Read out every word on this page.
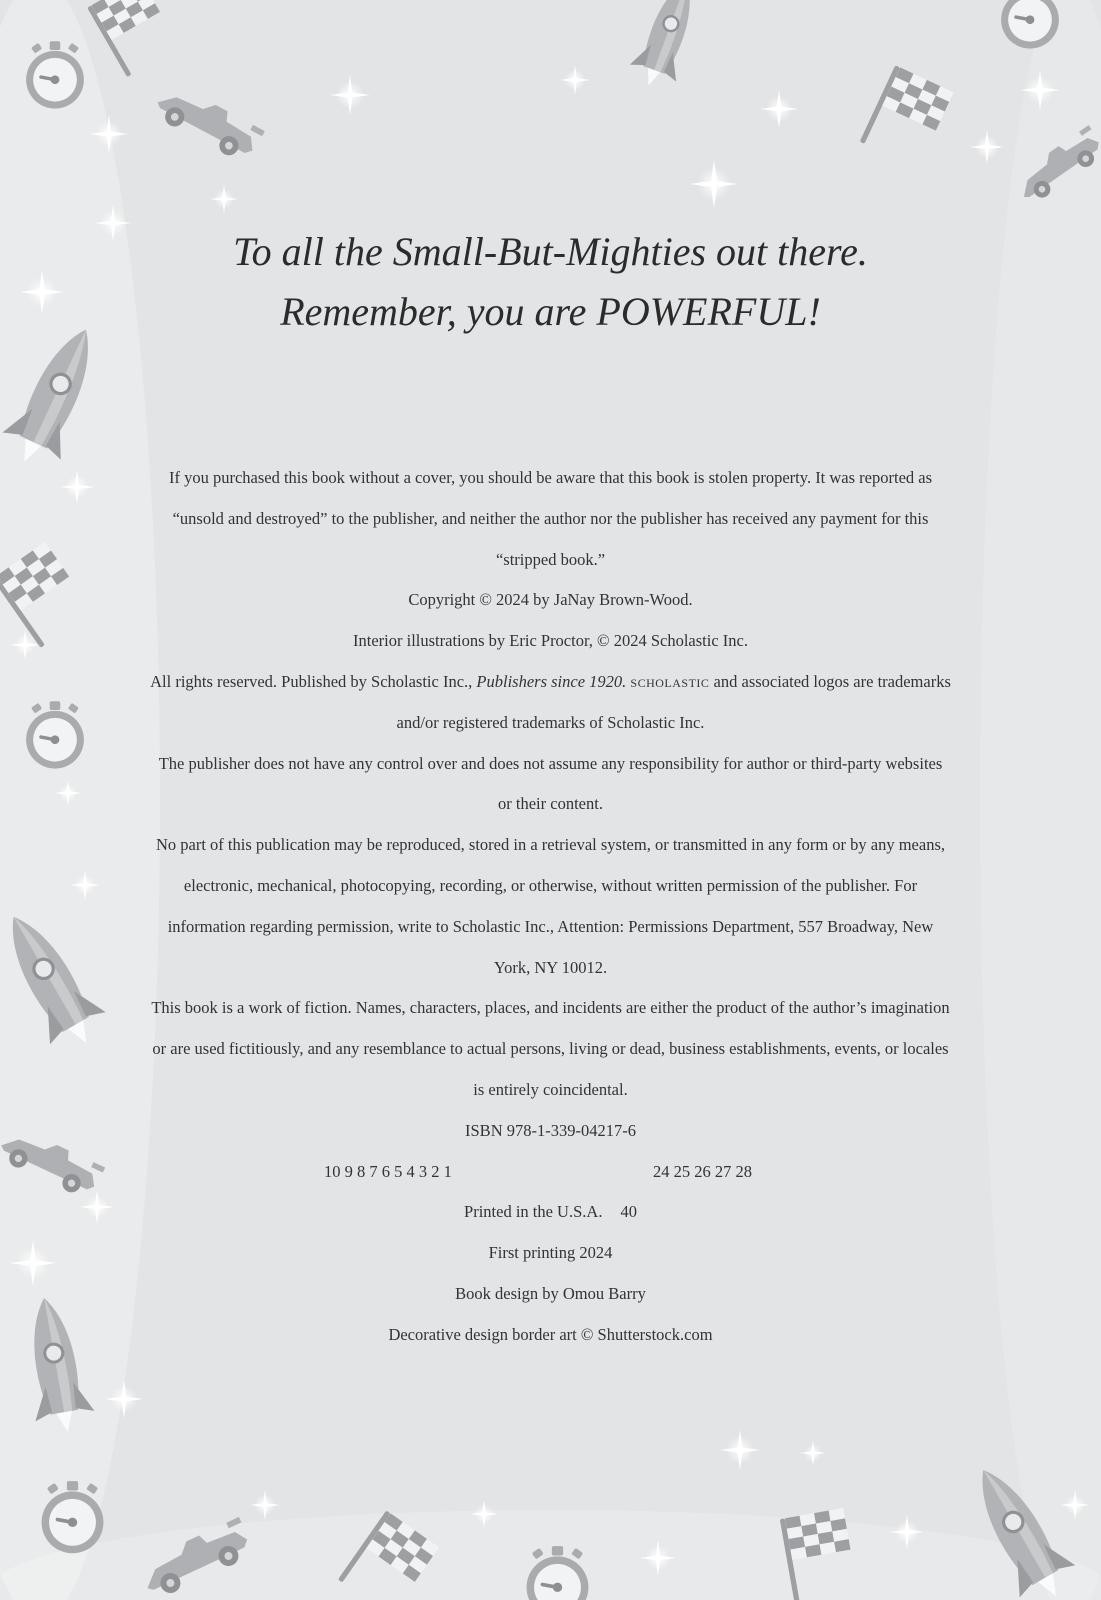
To all the Small-But-Mighties out there.
Remember, you are POWERFUL!

If you purchased this book without a cover, you should be aware that this book is stolen property. It was reported as “unsold and destroyed” to the publisher, and neither the author nor the publisher has received any payment for this “stripped book.”

Copyright © 2024 by JaNay Brown-Wood.

Interior illustrations by Eric Proctor, © 2024 Scholastic Inc.

All rights reserved. Published by Scholastic Inc., Publishers since 1920. scholastic and associated logos are trademarks and/or registered trademarks of Scholastic Inc.

The publisher does not have any control over and does not assume any responsibility for author or third-party websites or their content.

No part of this publication may be reproduced, stored in a retrieval system, or transmitted in any form or by any means, electronic, mechanical, photocopying, recording, or otherwise, without written permission of the publisher. For information regarding permission, write to Scholastic Inc., Attention: Permissions Department, 557 Broadway, New York, NY 10012.

This book is a work of fiction. Names, characters, places, and incidents are either the product of the author’s imagination or are used fictitiously, and any resemblance to actual persons, living or dead, business establishments, events, or locales is entirely coincidental.

ISBN 978-1-339-04217-6

10 9 8 7 6 5 4 3 2 1	24 25 26 27 28

Printed in the U.S.A. 40

First printing 2024

Book design by Omou Barry

Decorative design border art © Shutterstock.com
